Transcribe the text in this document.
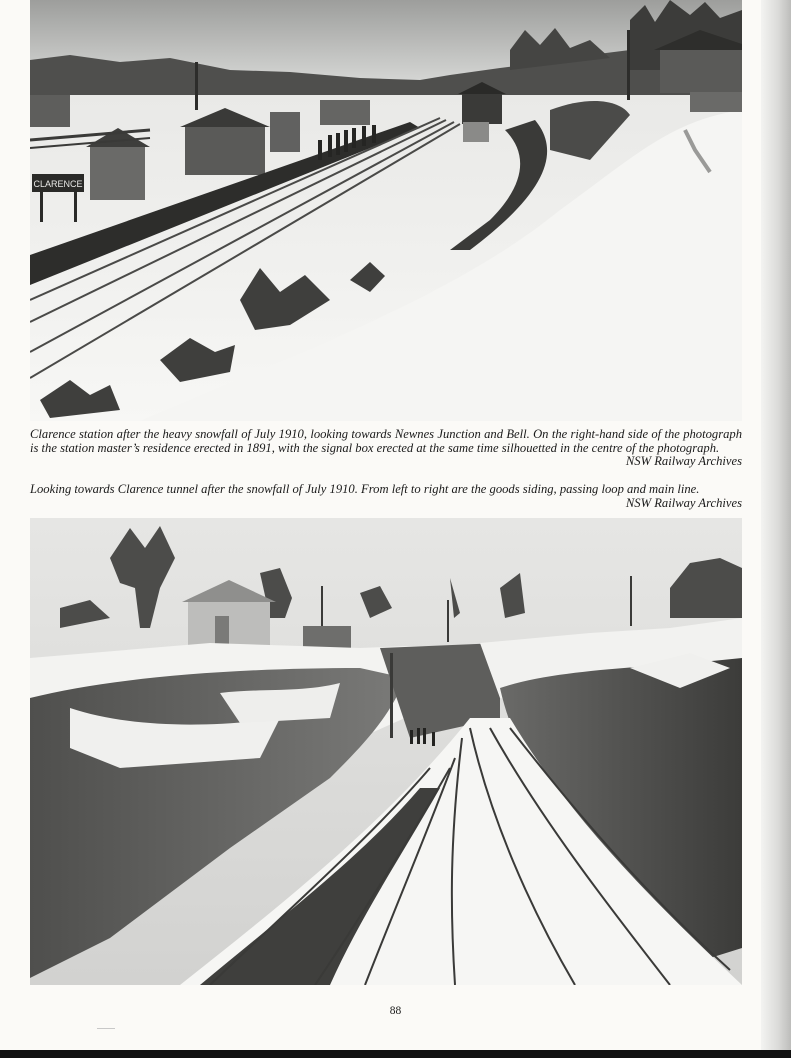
CLARENCE

Clarence station after the heavy snowfall of July 1910, looking towards Newnes Junction and Bell. On the right-hand side of the photograph is the station master’s residence erected in 1891, with the signal box erected at the same time silhouetted in the centre of the photograph.
NSW Railway Archives

Looking towards Clarence tunnel after the snowfall of July 1910. From left to right are the goods siding, passing loop and main line.
NSW Railway Archives

88
